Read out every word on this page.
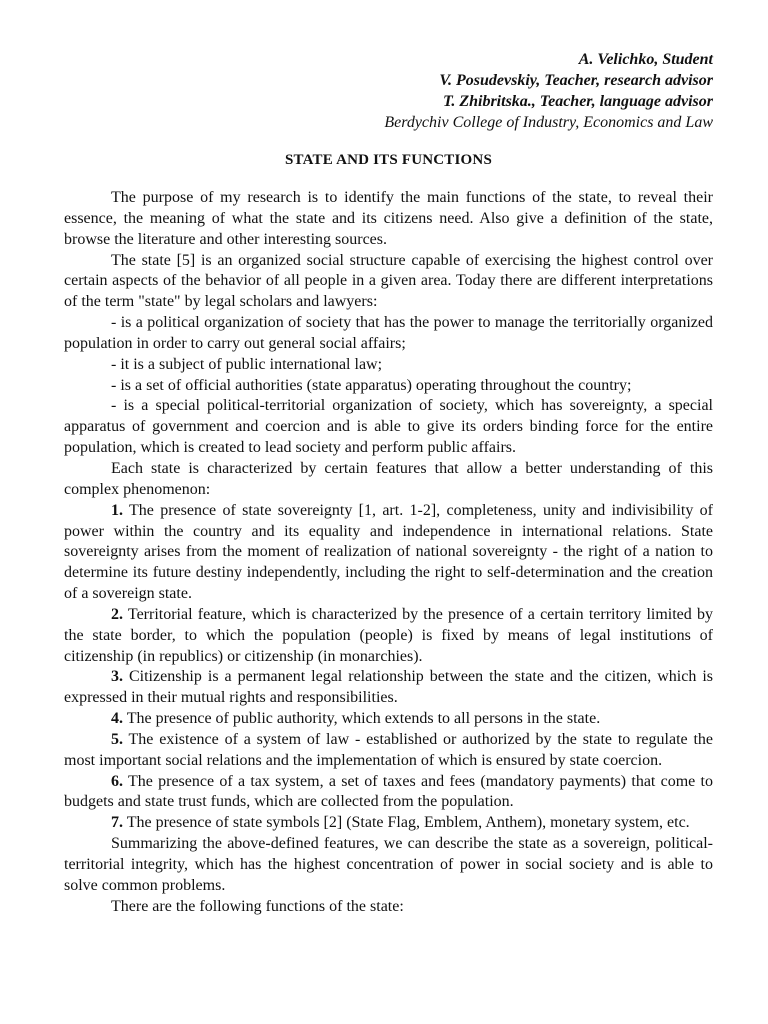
A. Velichko, Student
V. Posudevskiy, Teacher, research advisor
T. Zhibritska., Teacher, language advisor
Berdychiv College of Industry, Economics and Law
STATE AND ITS FUNCTIONS

The purpose of my research is to identify the main functions of the state, to reveal their essence, the meaning of what the state and its citizens need. Also give a definition of the state, browse the literature and other interesting sources.

The state [5] is an organized social structure capable of exercising the highest control over certain aspects of the behavior of all people in a given area. Today there are different interpretations of the term "state" by legal scholars and lawyers:

- is a political organization of society that has the power to manage the territorially organized population in order to carry out general social affairs;

- it is a subject of public international law;

- is a set of official authorities (state apparatus) operating throughout the country;

- is a special political-territorial organization of society, which has sovereignty, a special apparatus of government and coercion and is able to give its orders binding force for the entire population, which is created to lead society and perform public affairs.

Each state is characterized by certain features that allow a better understanding of this complex phenomenon:

1. The presence of state sovereignty [1, art. 1-2], completeness, unity and indivisibility of power within the country and its equality and independence in international relations. State sovereignty arises from the moment of realization of national sovereignty - the right of a nation to determine its future destiny independently, including the right to self-determination and the creation of a sovereign state.

2. Territorial feature, which is characterized by the presence of a certain territory limited by the state border, to which the population (people) is fixed by means of legal institutions of citizenship (in republics) or citizenship (in monarchies).

3. Citizenship is a permanent legal relationship between the state and the citizen, which is expressed in their mutual rights and responsibilities.

4. The presence of public authority, which extends to all persons in the state.

5. The existence of a system of law - established or authorized by the state to regulate the most important social relations and the implementation of which is ensured by state coercion.

6. The presence of a tax system, a set of taxes and fees (mandatory payments) that come to budgets and state trust funds, which are collected from the population.

7. The presence of state symbols [2] (State Flag, Emblem, Anthem), monetary system, etc.

Summarizing the above-defined features, we can describe the state as a sovereign, political-territorial integrity, which has the highest concentration of power in social society and is able to solve common problems.

There are the following functions of the state:
